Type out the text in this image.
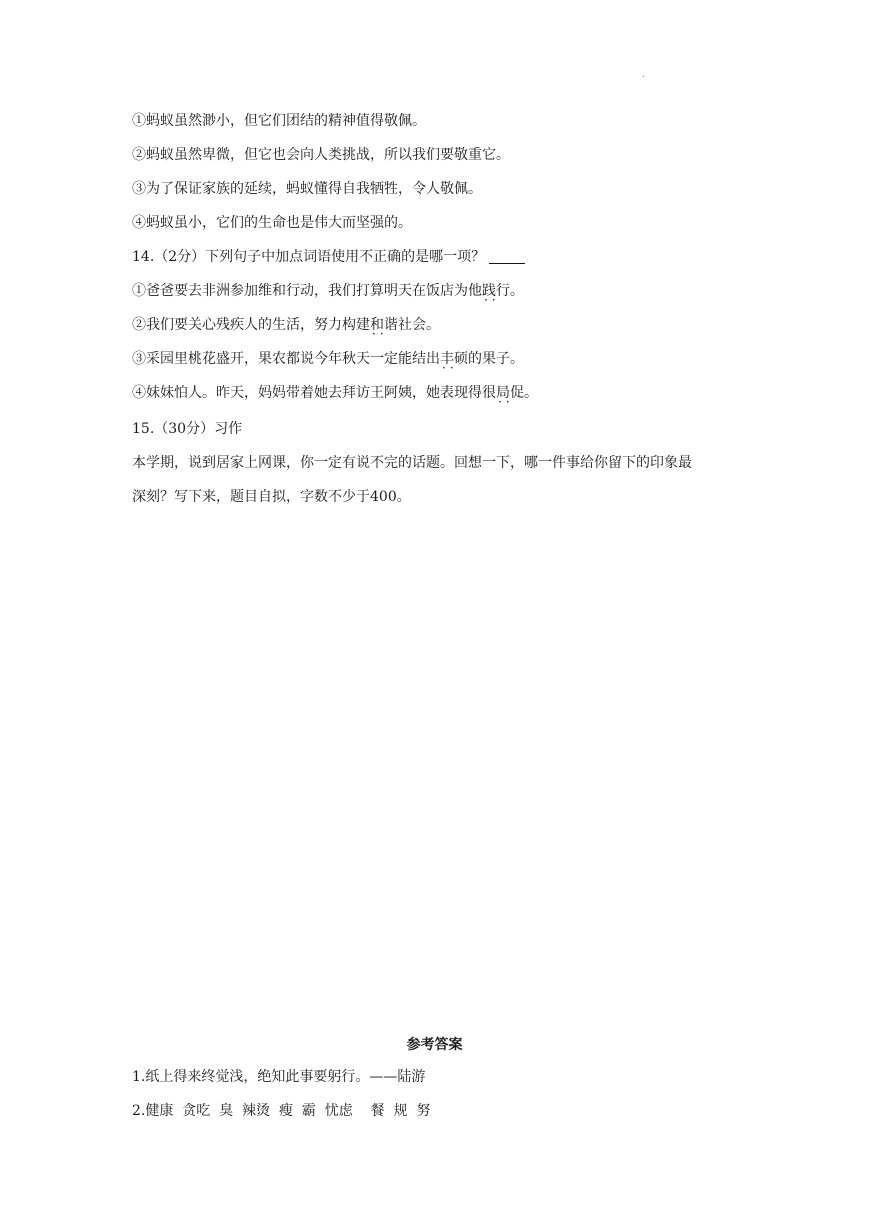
.
①蚂蚁虽然渺小，但它们团结的精神值得敬佩。
②蚂蚁虽然卑微，但它也会向人类挑战，所以我们要敬重它。
③为了保证家族的延续，蚂蚁懂得自我牺牲，令人敬佩。
④蚂蚁虽小，它们的生命也是伟大而坚强的。
14.（2分）下列句子中加点词语使用不正确的是哪一项？
①爸爸要去非洲参加维和行动，我们打算明天在饭店为他践行 ··。
②我们要关心残疾人的生活，努力构建和谐 ··社会。
③采园里桃花盛开，果农都说今年秋天一定能结出丰硕 ··的果子。
④妹妹怕人。昨天，妈妈带着她去拜访王阿姨，她表现得很局促 ··。
15.（30分）习作
本学期，说到居家上网课，你一定有说不完的话题。回想一下，哪一件事给你留下的印象最
深刻？写下来，题目自拟，字数不少于400。
参考答案
1.纸上得来终觉浅，绝知此事要躬行。——陆游
2.健康  贪吃  臭  辣烫  瘦  霸  忧虑    餐  规  努
